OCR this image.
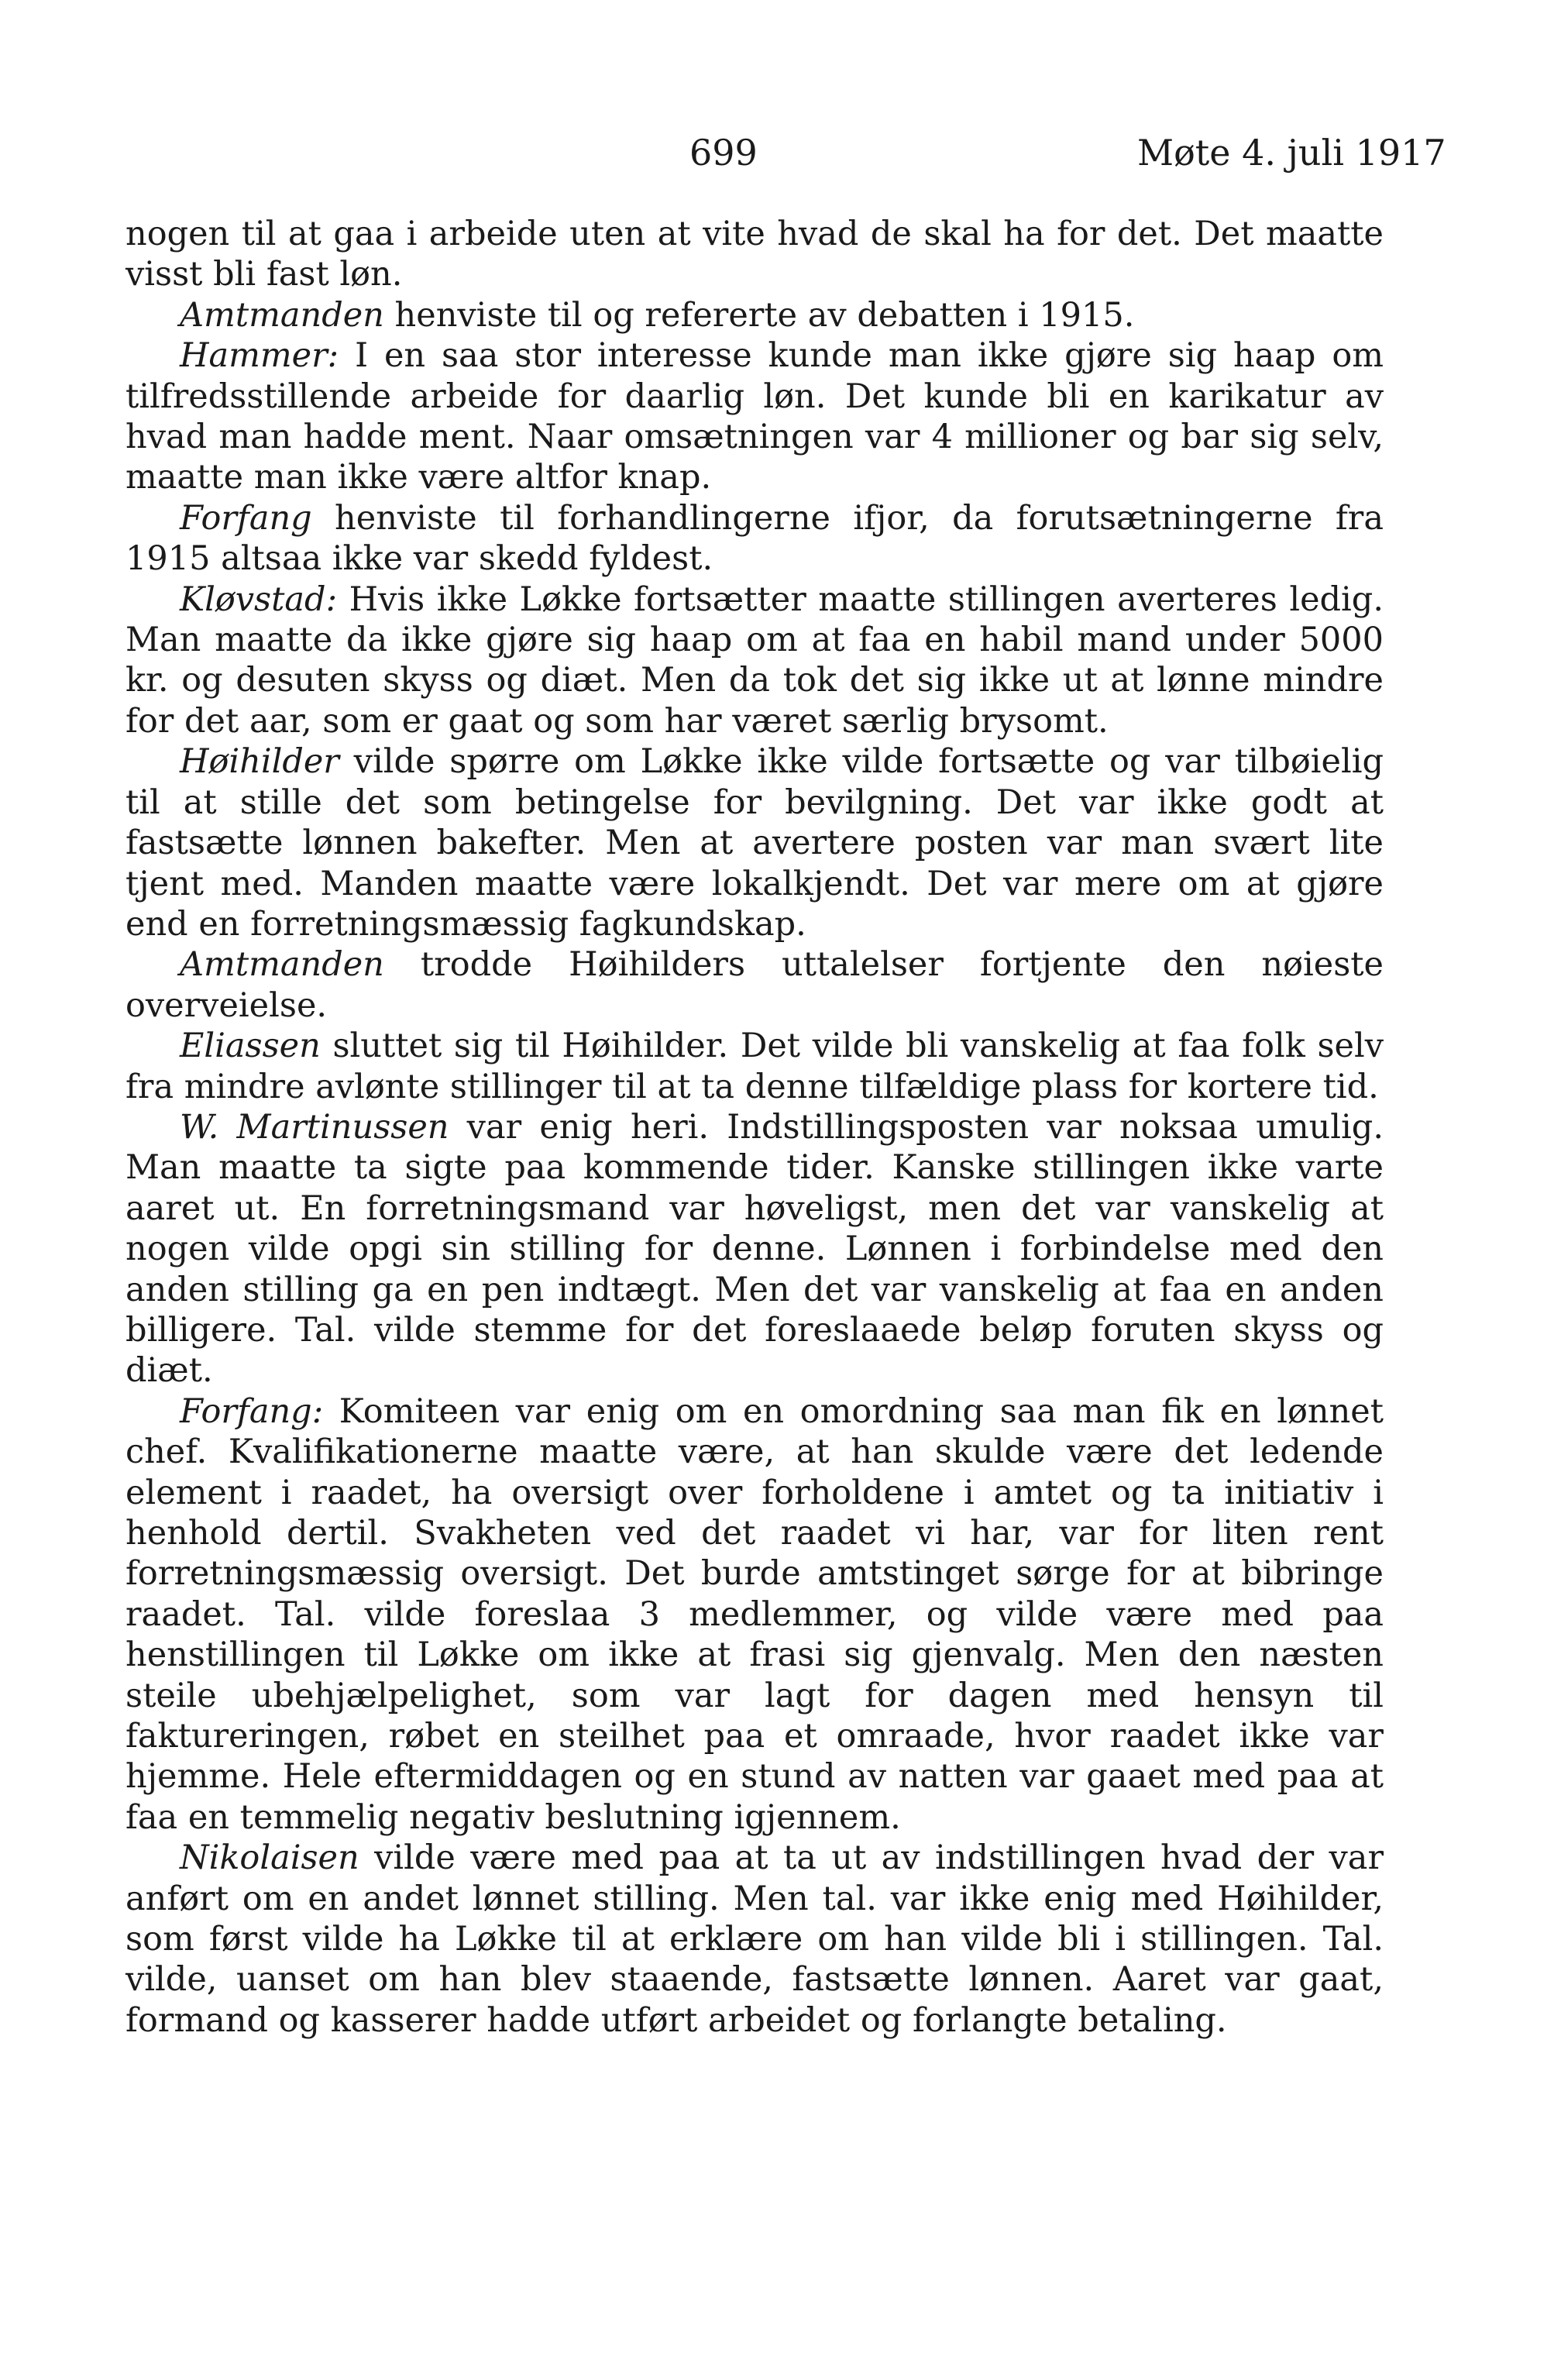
699	Møte 4. juli 1917

nogen til at gaa i arbeide uten at vite hvad de skal ha for det. Det maatte visst bli fast løn.

Amtmanden henviste til og refererte av debatten i 1915.

Hammer: I en saa stor interesse kunde man ikke gjøre sig haap om tilfredsstillende arbeide for daarlig løn. Det kunde bli en karikatur av hvad man hadde ment. Naar omsætningen var 4 millioner og bar sig selv, maatte man ikke være altfor knap.

Forfang henviste til forhandlingerne ifjor, da forutsætningerne fra 1915 altsaa ikke var skedd fyldest.

Kløvstad: Hvis ikke Løkke fortsætter maatte stillingen averteres ledig. Man maatte da ikke gjøre sig haap om at faa en habil mand under 5000 kr. og desuten skyss og diæt. Men da tok det sig ikke ut at lønne mindre for det aar, som er gaat og som har været særlig brysomt.

Høihilder vilde spørre om Løkke ikke vilde fortsætte og var tilbøielig til at stille det som betingelse for bevilgning. Det var ikke godt at fastsætte lønnen bakefter. Men at avertere posten var man svært lite tjent med. Manden maatte være lokalkjendt. Det var mere om at gjøre end en forretningsmæssig fagkundskap.

Amtmanden trodde Høihilders uttalelser fortjente den nøieste overveielse.

Eliassen sluttet sig til Høihilder. Det vilde bli vanskelig at faa folk selv fra mindre avlønte stillinger til at ta denne tilfældige plass for kortere tid.

W. Martinussen var enig heri. Indstillingsposten var noksaa umulig. Man maatte ta sigte paa kommende tider. Kanske stillingen ikke varte aaret ut. En forretningsmand var høveligst, men det var vanskelig at nogen vilde opgi sin stilling for denne. Lønnen i forbindelse med den anden stilling ga en pen indtægt. Men det var vanskelig at faa en anden billigere. Tal. vilde stemme for det foreslaaede beløp foruten skyss og diæt.

Forfang: Komiteen var enig om en omordning saa man fik en lønnet chef. Kvalifikationerne maatte være, at han skulde være det ledende element i raadet, ha oversigt over forholdene i amtet og ta initiativ i henhold dertil. Svakheten ved det raadet vi har, var for liten rent forretningsmæssig oversigt. Det burde amtstinget sørge for at bibringe raadet. Tal. vilde foreslaa 3 medlemmer, og vilde være med paa henstillingen til Løkke om ikke at frasi sig gjenvalg. Men den næsten steile ubehjælpelighet, som var lagt for dagen med hensyn til faktureringen, røbet en steilhet paa et omraade, hvor raadet ikke var hjemme. Hele eftermiddagen og en stund av natten var gaaet med paa at faa en temmelig negativ beslutning igjennem.

Nikolaisen vilde være med paa at ta ut av indstillingen hvad der var anført om en andet lønnet stilling. Men tal. var ikke enig med Høihilder, som først vilde ha Løkke til at erklære om han vilde bli i stillingen. Tal. vilde, uanset om han blev staaende, fastsætte lønnen. Aaret var gaat, formand og kasserer hadde utført arbeidet og forlangte betaling.
